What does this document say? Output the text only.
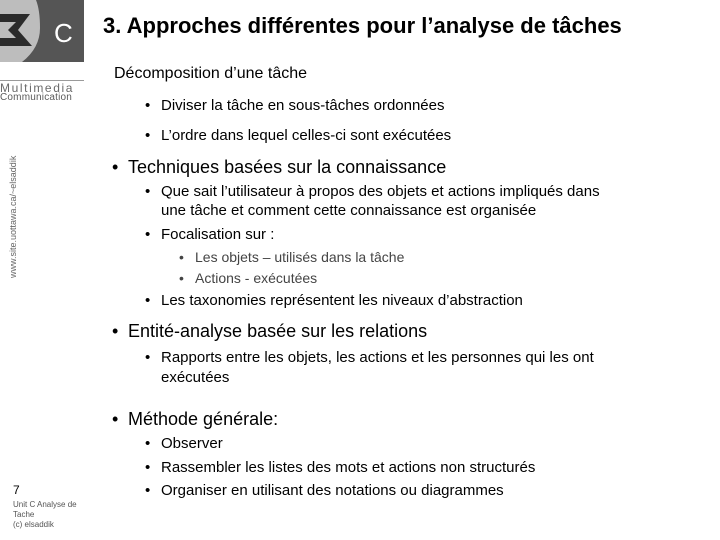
C
Multimedia
Communication
www.site.uottawa.ca/~elsaddik
3. Approches différentes pour l’analyse de tâches
Décomposition d’une tâche
• Diviser la tâche en sous-tâches ordonnées
• L’ordre dans lequel celles-ci sont exécutées
• Techniques basées sur la connaissance
• Que sait l’utilisateur à propos des objets et actions impliqués dans
une tâche et comment cette connaissance est organisée
• Focalisation sur :
• Les objets – utilisés dans la tâche
• Actions - exécutées
• Les taxonomies représentent les niveaux d’abstraction
• Entité-analyse basée sur les relations
• Rapports entre les objets, les actions et les personnes qui les ont
exécutées
• Méthode générale:
• Observer
• Rassembler les listes des mots et actions non structurés
• Organiser en utilisant des notations ou diagrammes
7
Unit C Analyse de
Tache
(c) elsaddik
